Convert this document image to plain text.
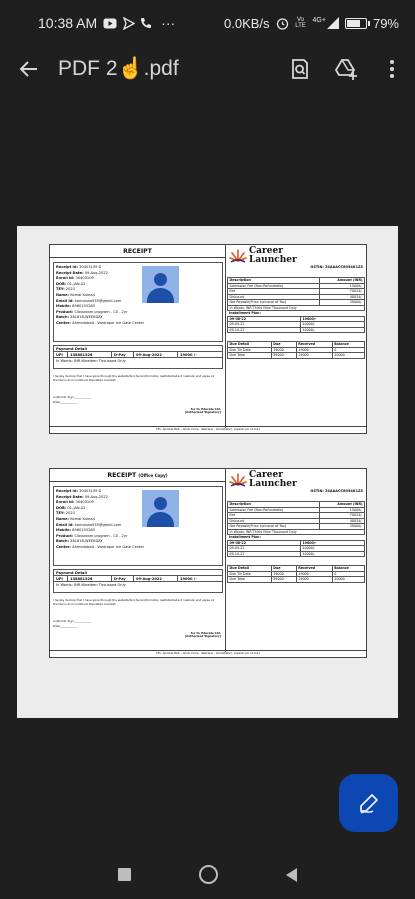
10:38 AM	···	0.0KB/s	Vo LTE
4G+	79%
PDF 2☝️.pdf
RECEIPT
Receipt Id: 30403109 D
Receipt Date: 09-Aug-2022
Enroll Id: 30403109
DOB: 01-JAN-02
TEY: 2023
Name: Komal Kumari
Email Id: komalusa555@gmail.com
Mobile: 8960155285
Product: Classroom program - CS - 2yr
Batch: 361818-WEEKDAY
Center: Ahmedabad - Vastrapur Ice Gate Center
Payment Detail
UPI	138881328	D-Pay	09-Aug-2022	19000 /-
In Words: INR Nineteen Thousand Only
I hereby declare that I have gone through the website/brochure/information leaflets/student rulebook and agree at the terms and conditions stipulated overleaf.
Customer Sign:____________
Date:____________
for CL Educate Ltd.
(Authorized Signatory)
Career
Launcher
GSTIN: 24AAACC8954K1Z5
Description	Amount (INR)
Admission Fee (Non-Refundable)	15000/-
Fee	70034/-
Discount	40034/-
Net Payable(Price Inclusive of Tax)	39000/-
In Words: INR Thirty Nine Thousand Only	
Installment Plan:	
09-08-22	19000/-
09-09-22	10000/-
09-10-22	10000/-
Due Detail	Due	Received	Balance
Due Till Date	19000	19000	0
Due Total	39000	19000	20000
CFC, Sprinkle Mall, - Ahem Circle , Vastrapur , Ahmedabad , Gujarat, pin 111111
RECEIPT (Office Copy)
Receipt Id: 30403109 D
Receipt Date: 09-Aug-2022
Enroll Id: 30403109
DOB: 01-JAN-02
TEY: 2023
Name: Komal Kumari
Email Id: komalusa555@gmail.com
Mobile: 8960155285
Product: Classroom program - CS - 2yr
Batch: 361818-WEEKDAY
Center: Ahmedabad - Vastrapur Ice Gate Center
Payment Detail
UPI	138881328	D-Pay	09-Aug-2022	19000 /-
In Words: INR Nineteen Thousand Only
I hereby declare that I have gone through the website/brochure/information leaflets/student rulebook and agree at the terms and conditions stipulated overleaf.
Customer Sign:____________
Date:____________
for CL Educate Ltd.
(Authorized Signatory)
Career
Launcher
GSTIN: 24AAACC8954K1Z5
Description	Amount (INR)
Admission Fee (Non-Refundable)	15000/-
Fee	70034/-
Discount	40034/-
Net Payable(Price Inclusive of Tax)	39000/-
In Words: INR Thirty Nine Thousand Only	
Installment Plan:	
09-08-22	19000/-
09-09-22	10000/-
09-10-22	10000/-
Due Detail	Due	Received	Balance
Due Till Date	19000	19000	0
Due Total	39000	19000	20000
CFC, Sprinkle Mall, - Ahem Circle , Vastrapur , Ahmedabad , Gujarat, pin 111111
